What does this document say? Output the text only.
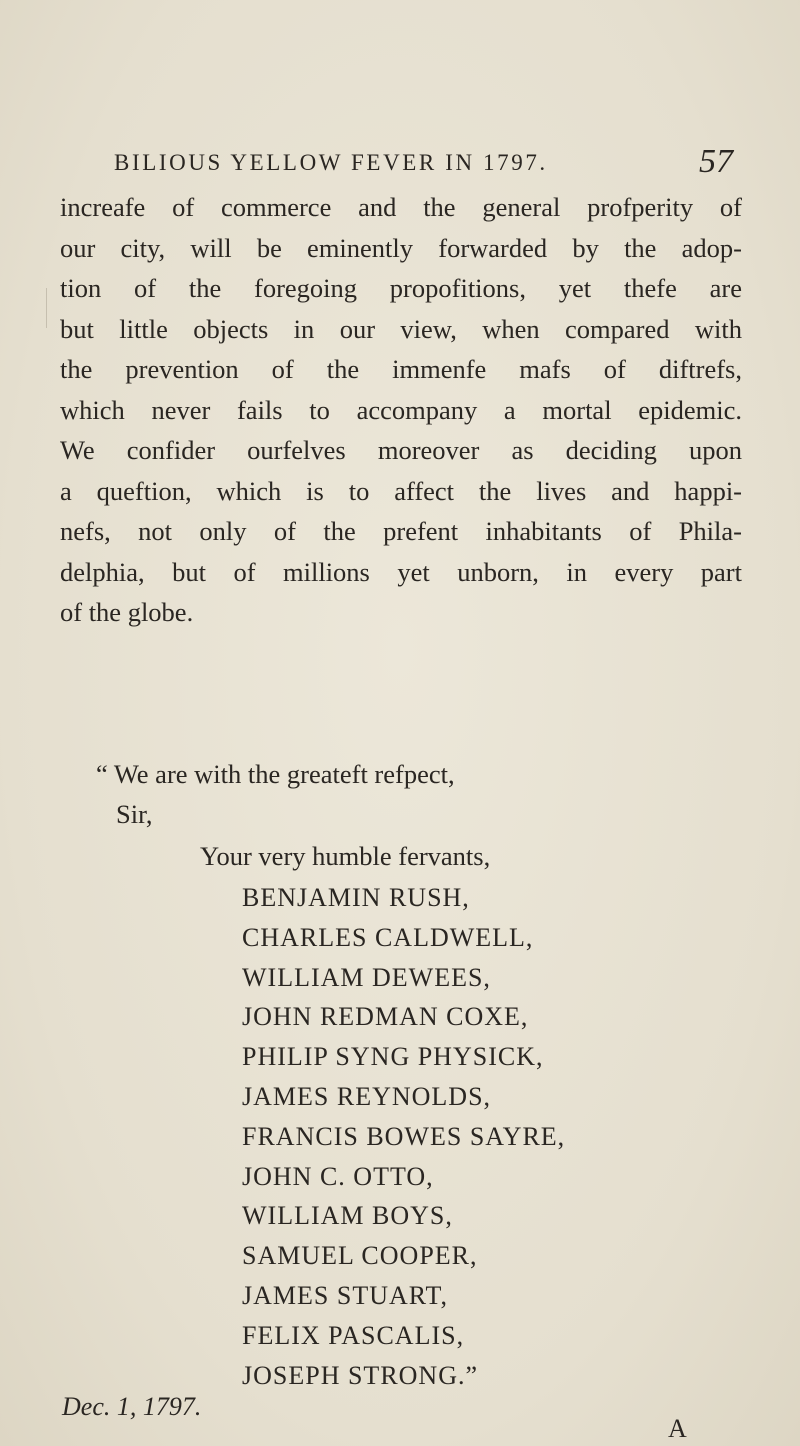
BILIOUS YELLOW FEVER IN 1797.	57
increafe of commerce and the general profperity of
our city, will be eminently forwarded by the adop-
tion of the foregoing propofitions, yet thefe are
but little objects in our view, when compared with
the prevention of the immenfe mafs of diftrefs,
which never fails to accompany a mortal epidemic.
We confider ourfelves moreover as deciding upon
a queftion, which is to affect the lives and happi-
nefs, not only of the prefent inhabitants of Phila-
delphia, but of millions yet unborn, in every part
of the globe.
“ We are with the greateft refpect,
Sir,
Your very humble fervants,
BENJAMIN RUSH,
CHARLES CALDWELL,
WILLIAM DEWEES,
JOHN REDMAN COXE,
PHILIP SYNG PHYSICK,
JAMES REYNOLDS,
FRANCIS BOWES SAYRE,
JOHN C. OTTO,
WILLIAM BOYS,
SAMUEL COOPER,
JAMES STUART,
FELIX PASCALIS,
JOSEPH STRONG.”
Dec. 1, 1797.
A
